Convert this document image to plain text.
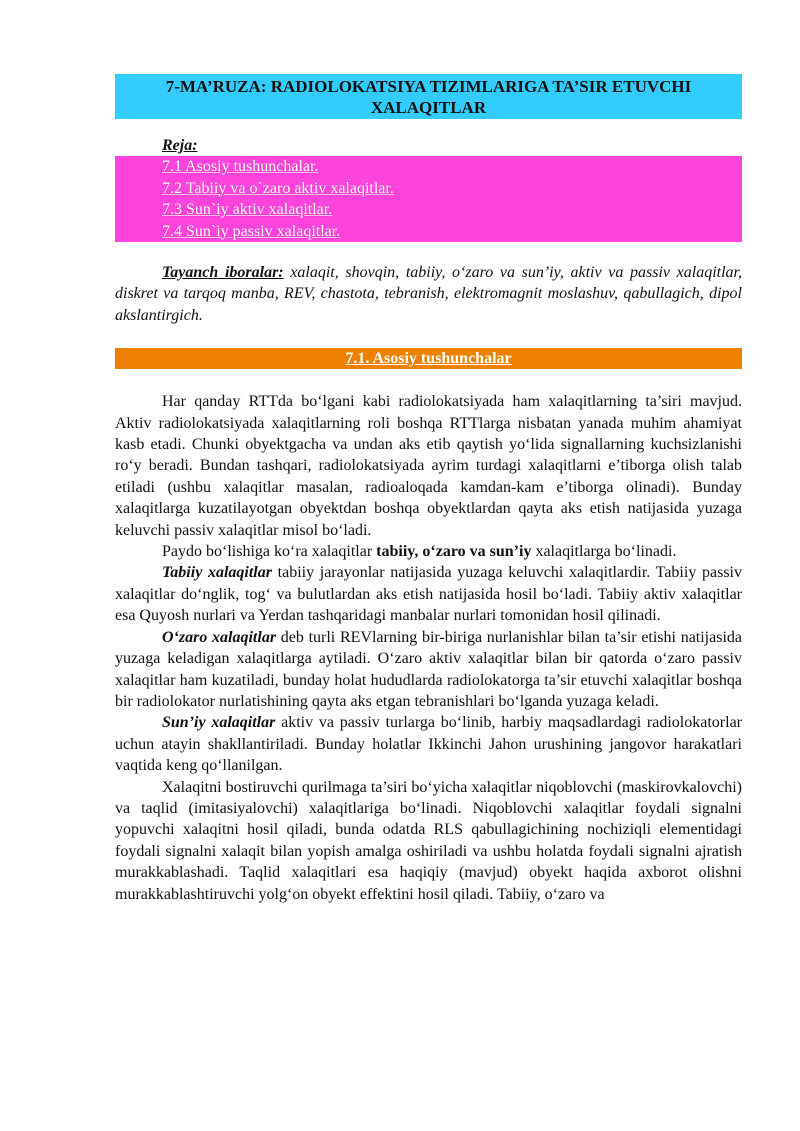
7-MA’RUZA: RADIOLOKATSIYA TIZIMLARIGA TA’SIR ETUVCHI XALAQITLAR
Reja:
7.1 Asosiy tushunchalar.
7.2 Tabiiy va o`zaro aktiv xalaqitlar.
7.3 Sun`iy aktiv xalaqitlar.
7.4 Sun`iy passiv xalaqitlar.

Tayanch iboralar: xalaqit, shovqin, tabiiy, o‘zaro va sun’iy, aktiv va passiv xalaqitlar, diskret va tarqoq manba, REV, chastota, tebranish, elektromagnit moslashuv, qabullagich, dipol akslantirgich.

7.1. Asosiy tushunchalar

Har qanday RTTda bo‘lgani kabi radiolokatsiyada ham xalaqitlarning ta’siri mavjud. Aktiv radiolokatsiyada xalaqitlarning roli boshqa RTTlarga nisbatan yanada muhim ahamiyat kasb etadi. Chunki obyektgacha va undan aks etib qaytish yo‘lida signallarning kuchsizlanishi ro‘y beradi. Bundan tashqari, radiolokatsiyada ayrim turdagi xalaqitlarni e’tiborga olish talab etiladi (ushbu xalaqitlar masalan, radioaloqada kamdan-kam e’tiborga olinadi). Bunday xalaqitlarga kuzatilayotgan obyektdan boshqa obyektlardan qayta aks etish natijasida yuzaga keluvchi passiv xalaqitlar misol bo‘ladi.

Paydo bo‘lishiga ko‘ra xalaqitlar tabiiy, o‘zaro va sun’iy xalaqitlarga bo‘linadi.

Tabiiy xalaqitlar tabiiy jarayonlar natijasida yuzaga keluvchi xalaqitlardir. Tabiiy passiv xalaqitlar do‘nglik, tog‘ va bulutlardan aks etish natijasida hosil bo‘ladi. Tabiiy aktiv xalaqitlar esa Quyosh nurlari va Yerdan tashqaridagi manbalar nurlari tomonidan hosil qilinadi.

O‘zaro xalaqitlar deb turli REVlarning bir-biriga nurlanishlar bilan ta’sir etishi natijasida yuzaga keladigan xalaqitlarga aytiladi. O‘zaro aktiv xalaqitlar bilan bir qatorda o‘zaro passiv xalaqitlar ham kuzatiladi, bunday holat hududlarda radiolokatorga ta’sir etuvchi xalaqitlar boshqa bir radiolokator nurlatishining qayta aks etgan tebranishlari bo‘lganda yuzaga keladi.

Sun’iy xalaqitlar aktiv va passiv turlarga bo‘linib, harbiy maqsadlardagi radiolokatorlar uchun atayin shakllantiriladi. Bunday holatlar Ikkinchi Jahon urushining jangovor harakatlari vaqtida keng qo‘llanilgan.

Xalaqitni bostiruvchi qurilmaga ta’siri bo‘yicha xalaqitlar niqoblovchi (maskirovkalovchi) va taqlid (imitasiyalovchi) xalaqitlariga bo‘linadi. Niqoblovchi xalaqitlar foydali signalni yopuvchi xalaqitni hosil qiladi, bunda odatda RLS qabullagichining nochiziqli elementidagi foydali signalni xalaqit bilan yopish amalga oshiriladi va ushbu holatda foydali signalni ajratish murakkablashadi. Taqlid xalaqitlari esa haqiqiy (mavjud) obyekt haqida axborot olishni murakkablashtiruvchi yolg‘on obyekt effektini hosil qiladi. Tabiiy, o‘zaro va
